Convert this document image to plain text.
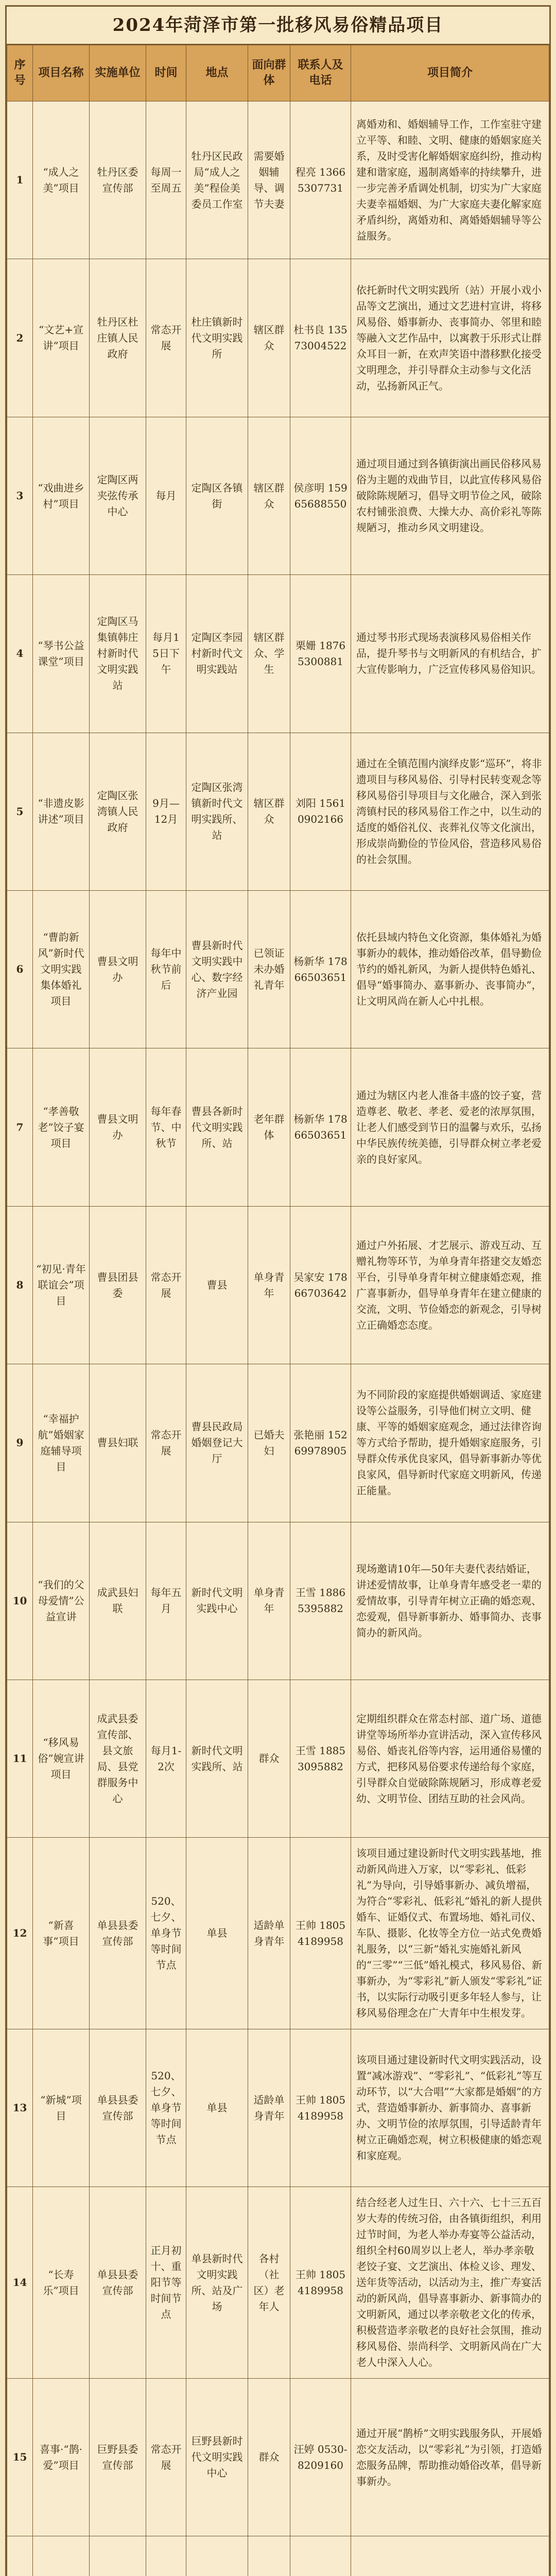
2024年菏泽市第一批移风易俗精品项目
序号	项目名称	实施单位	时间	地点	面向群体	联系人及电话	项目简介
1	“成人之美”项目	牡丹区委宣传部	每周一至周五	牡丹区民政局“成人之美”程俭美委员工作室	需要婚姻辅导、调节夫妻	程亮 13665307731	离婚劝和、婚姻辅导工作，工作室驻守建立平等、和睦、文明、健康的婚姻家庭关系，及时受害化解婚姻家庭纠纷，推动构建和谐家庭，遏制离婚率的持续攀升，进一步完善矛盾调处机制，切实为广大家庭夫妻幸福婚姻、为广大家庭夫妻化解家庭矛盾纠纷，离婚劝和、离婚婚姻辅导等公益服务。
2	“文艺+宣讲”项目	牡丹区杜庄镇人民政府	常态开展	杜庄镇新时代文明实践所	辖区群众	杜书良 13573004522	依托新时代文明实践所（站）开展小戏小品等文艺演出，通过文艺进村宣讲，将移风易俗、婚事新办、丧事简办、邻里和睦等融入文艺作品中，以寓教于乐形式让群众耳目一新，在欢声笑语中潜移默化接受文明理念，并引导群众主动参与文化活动，弘扬新风正气。
3	“戏曲进乡村”项目	定陶区两夹弦传承中心	每月	定陶区各镇街	辖区群众	侯彦明 15965688550	通过项目通过到各镇街演出画民俗移风易俗为主题的戏曲节目，以此宣传移风易俗破除陈规陋习，倡导文明节俭之风，破除农村铺张浪费、大操大办、高价彩礼等陈规陋习，推动乡风文明建设。
4	“琴书公益课堂”项目	定陶区马集镇韩庄村新时代文明实践站	每月15日下午	定陶区李园村新时代文明实践站	辖区群众、学生	栗姗 18765300881	通过琴书形式现场表演移风易俗相关作品，提升琴书与文明新风的有机结合，扩大宣传影响力，广泛宣传移风易俗知识。
5	“非遗皮影讲述”项目	定陶区张湾镇人民政府	9月—12月	定陶区张湾镇新时代文明实践所、站	辖区群众	刘阳 15610902166	通过在全镇范围内演绎皮影“巡环”，将非遗项目与移风易俗、引导村民转变观念等移风易俗引导项目与文化融合，深入到张湾镇村民的移风易俗工作之中，以生动的适度的婚俗礼仪、丧葬礼仪等文化演出，形成崇尚勤俭的节俭风俗，营造移风易俗的社会氛围。
6	“曹韵新风”新时代文明实践集体婚礼项目	曹县文明办	每年中秋节前后	曹县新时代文明实践中心、数字经济产业园	已领证未办婚礼青年	杨新华 17866503651	依托县域内特色文化资源，集体婚礼为婚事新办的载体，推动婚俗改革，倡导勤俭节约的婚礼新风，为新人提供特色婚礼、倡导“婚事简办、嘉事新办、丧事简办”，让文明风尚在新人心中扎根。
7	“孝善敬老”饺子宴项目	曹县文明办	每年春节、中秋节	曹县各新时代文明实践所、站	老年群体	杨新华 17866503651	通过为辖区内老人准备丰盛的饺子宴，营造尊老、敬老、孝老、爱老的浓厚氛围，让老人们感受到节日的温馨与欢乐，弘扬中华民族传统美德，引导群众树立孝老爱亲的良好家风。
8	“初见·青年联谊会”项目	曹县团县委	常态开展	曹县	单身青年	吴家安 17866703642	通过户外拓展、才艺展示、游戏互动、互赠礼物等环节，为单身青年搭建交友婚恋平台，引导单身青年树立健康婚恋观，推广喜事新办，倡导单身青年在建立健康的交流，文明、节俭婚恋的新观念，引导树立正确婚恋态度。
9	“幸福护航”婚姻家庭辅导项目	曹县妇联	常态开展	曹县民政局婚姻登记大厅	已婚夫妇	张艳丽 15269978905	为不同阶段的家庭提供婚姻调适、家庭建设等公益服务，引导他们树立文明、健康、平等的婚姻家庭观念，通过法律咨询等方式给予帮助，提升婚姻家庭服务，引导群众传承优良家风，倡导新事新办等优良家风，倡导新时代家庭文明新风，传递正能量。
10	“我们的父母爱情”公益宣讲	成武县妇联	每年五月	新时代文明实践中心	单身青年	王雪 18865395882	现场邀请10年—50年夫妻代表结婚证，讲述爱情故事，让单身青年感受老一辈的爱情故事，引导青年树立正确的婚恋观、恋爱观，倡导新事新办、婚事简办、丧事简办的新风尚。
11	“移风易俗”婉宣讲项目	成武县委宣传部、县文旅局、县党群服务中心	每月1-2次	新时代文明实践所、站	群众	王雪 18853095882	定期组织群众在常态村部、道广场、道德讲堂等场所举办宣讲活动，深入宣传移风易俗、婚丧礼俗等内容，运用通俗易懂的方式，把移风易俗要求传递给每个家庭，引导群众自觉破除陈规陋习，形成尊老爱幼、文明节俭、团结互助的社会风尚。
12	“新喜事”项目	单县县委宣传部	520、七夕、单身节等时间节点	单县	适龄单身青年	王帅 18054189958	该项目通过建设新时代文明实践基地，推动新风尚进入万家，以“零彩礼、低彩礼”为导向，引导婚事新办、减负增福，为符合“零彩礼、低彩礼”婚礼的新人提供婚车、证婚仪式、布置场地、婚礼司仪、车队、摄影、化妆等全方位一站式免费婚礼服务，以“三新”婚礼实施婚礼新风的“三零”“三低”婚礼模式，移风易俗、新事新办，为“零彩礼”新人颁发“零彩礼”证书，以实际行动吸引更多年轻人参与，让移风易俗理念在广大青年中生根发芽。
13	“新城”项目	单县县委宣传部	520、七夕、单身节等时间节点	单县	适龄单身青年	王帅 18054189958	该项目通过建设新时代文明实践活动，设置“减冰游戏”、“零彩礼”、“低彩礼”等互动环节，以“大合唱”“大家都是婚姻”的方式，营造婚事新办、新事简办、喜事新办、文明节俭的浓厚氛围，引导适龄青年树立正确婚恋观，树立积极健康的婚恋观和家庭观。
14	“长寿乐”项目	单县县委宣传部	正月初十、重阳节等时间节点	单县新时代文明实践所、站及广场	各村（社区）老年人	王帅 18054189958	结合经老人过生日、六十六、七十三五百岁大寿的传统习俗，由各镇街组织，利用过节时间，为老人举办寿宴等公益活动，组织全村60周岁以上老人，举办孝亲敬老饺子宴、文艺演出、体检义诊、理发、送年货等活动，以活动为主，推广寿宴活动的新风尚，倡导喜事新办、新事简办的文明新风，通过以孝亲敬老文化的传承，积极营造孝亲敬老的良好社会氛围，推动移风易俗、崇尚科学、文明新风尚在广大老人中深入人心。
15	喜事·“鹊·爱”项目	巨野县委宣传部	常态开展	巨野县新时代文明实践中心	群众	汪婷 0530-8209160	通过开展“鹊桥”文明实践服务队，开展婚恋交友活动，以“零彩礼”为引领，打造婚恋服务品牌，帮助推动婚俗改革，倡导新事新办。
